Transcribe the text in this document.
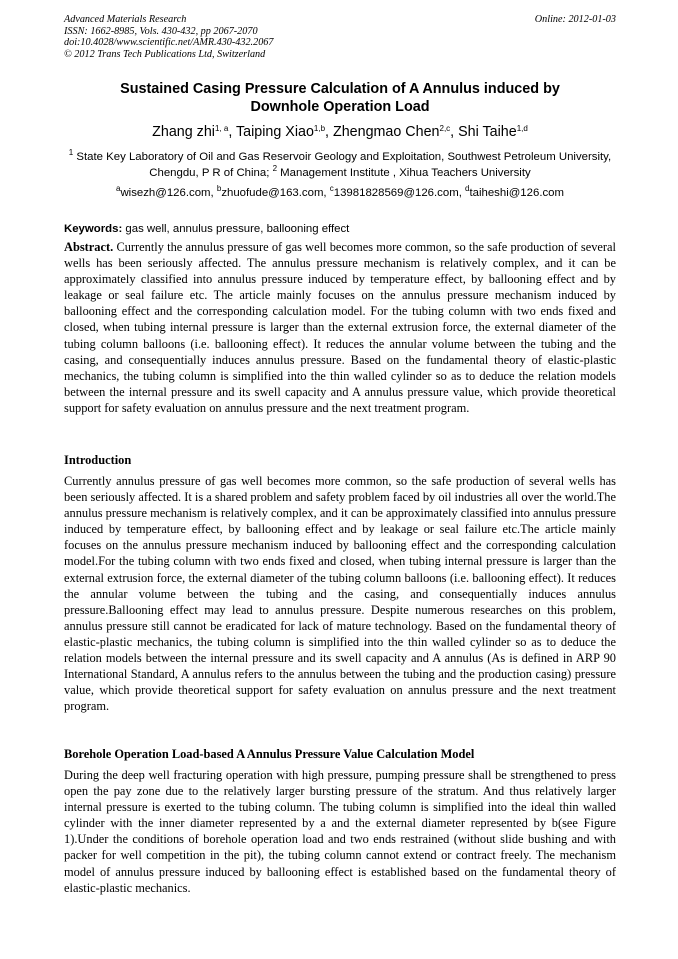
Advanced Materials Research
ISSN: 1662-8985, Vols. 430-432, pp 2067-2070
doi:10.4028/www.scientific.net/AMR.430-432.2067
© 2012 Trans Tech Publications Ltd, Switzerland
Online: 2012-01-03
Sustained Casing Pressure Calculation of A Annulus induced by
Downhole Operation Load
Zhang zhi$^{1, a}$, Taiping Xiao$^{1,b}$, Zhengmao Chen$^{2,c}$, Shi Taihe$^{1,d}$
$^1$ State Key Laboratory of Oil and Gas Reservoir Geology and Exploitation, Southwest Petroleum University, Chengdu, P R of China; $^2$ Management Institute , Xihua Teachers University
$^a$wisezh@126.com, $^b$zhuofude@163.com, $^c$13981828569@126.com, $^d$taiheshi@126.com
Keywords: gas well, annulus pressure, ballooning effect
Abstract. Currently the annulus pressure of gas well becomes more common, so the safe production of several wells has been seriously affected. The annulus pressure mechanism is relatively complex, and it can be approximately classified into annulus pressure induced by temperature effect, by ballooning effect and by leakage or seal failure etc. The article mainly focuses on the annulus pressure mechanism induced by ballooning effect and the corresponding calculation model. For the tubing column with two ends fixed and closed, when tubing internal pressure is larger than the external extrusion force, the external diameter of the tubing column balloons (i.e. ballooning effect). It reduces the annular volume between the tubing and the casing, and consequentially induces annulus pressure. Based on the fundamental theory of elastic-plastic mechanics, the tubing column is simplified into the thin walled cylinder so as to deduce the relation models between the internal pressure and its swell capacity and A annulus pressure value, which provide theoretical support for safety evaluation on annulus pressure and the next treatment program.
Introduction
Currently annulus pressure of gas well becomes more common, so the safe production of several wells has been seriously affected. It is a shared problem and safety problem faced by oil industries all over the world.The annulus pressure mechanism is relatively complex, and it can be approximately classified into annulus pressure induced by temperature effect, by ballooning effect and by leakage or seal failure etc.The article mainly focuses on the annulus pressure mechanism induced by ballooning effect and the corresponding calculation model.For the tubing column with two ends fixed and closed, when tubing internal pressure is larger than the external extrusion force, the external diameter of the tubing column balloons (i.e. ballooning effect). It reduces the annular volume between the tubing and the casing, and consequentially induces annulus pressure.Ballooning effect may lead to annulus pressure. Despite numerous researches on this problem, annulus pressure still cannot be eradicated for lack of mature technology. Based on the fundamental theory of elastic-plastic mechanics, the tubing column is simplified into the thin walled cylinder so as to deduce the relation models between the internal pressure and its swell capacity and A annulus (As is defined in ARP 90 International Standard, A annulus refers to the annulus between the tubing and the production casing) pressure value, which provide theoretical support for safety evaluation on annulus pressure and the next treatment program.
Borehole Operation Load-based A Annulus Pressure Value Calculation Model
During the deep well fracturing operation with high pressure, pumping pressure shall be strengthened to press open the pay zone due to the relatively larger bursting pressure of the stratum. And thus relatively larger internal pressure is exerted to the tubing column. The tubing column is simplified into the ideal thin walled cylinder with the inner diameter represented by a and the external diameter represented by b(see Figure 1).Under the conditions of borehole operation load and two ends restrained (without slide bushing and with packer for well competition in the pit), the tubing column cannot extend or contract freely. The mechanism model of annulus pressure induced by ballooning effect is established based on the fundamental theory of elastic-plastic mechanics.
